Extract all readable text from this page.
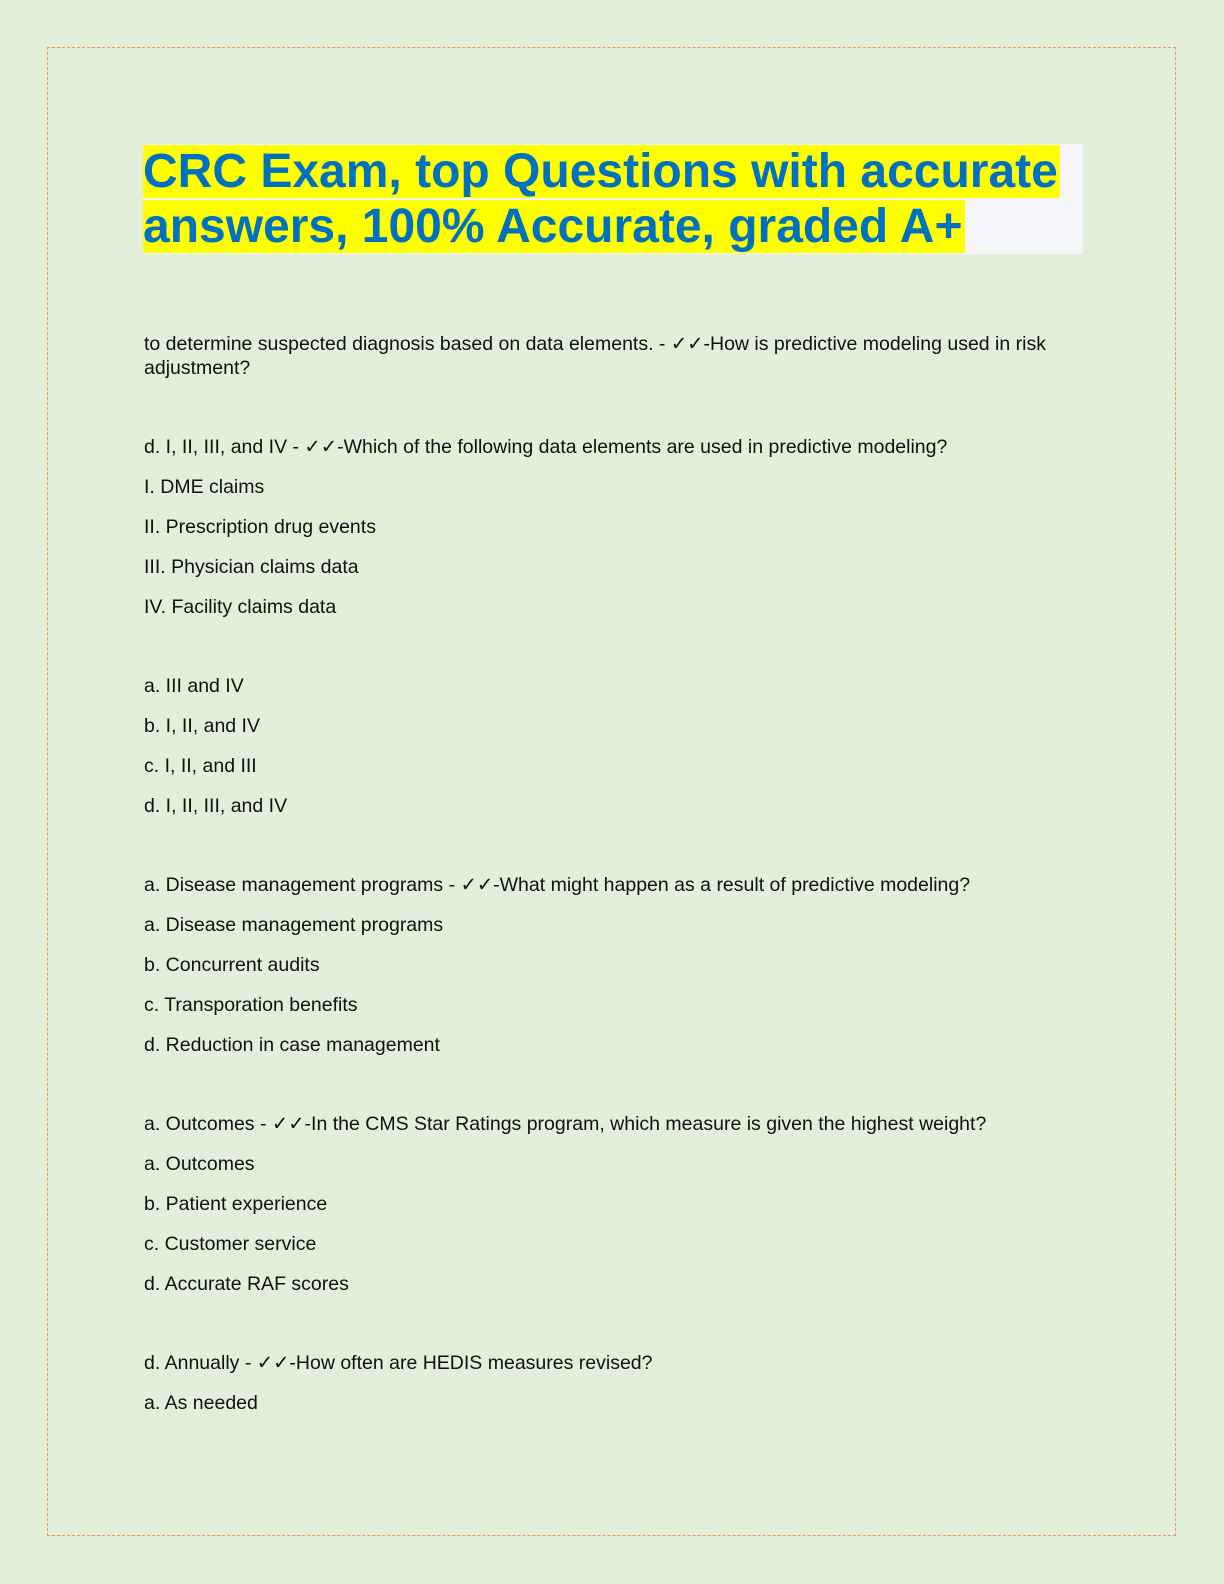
CRC Exam, top Questions with accurate
answers, 100% Accurate, graded A+
to determine suspected diagnosis based on data elements. - ✓✓-How is predictive modeling used in risk adjustment?
d. I, II, III, and IV - ✓✓-Which of the following data elements are used in predictive modeling?
I. DME claims
II. Prescription drug events
III. Physician claims data
IV. Facility claims data
a. III and IV
b. I, II, and IV
c. I, II, and III
d. I, II, III, and IV
a. Disease management programs - ✓✓-What might happen as a result of predictive modeling?
a. Disease management programs
b. Concurrent audits
c. Transporation benefits
d. Reduction in case management
a. Outcomes - ✓✓-In the CMS Star Ratings program, which measure is given the highest weight?
a. Outcomes
b. Patient experience
c. Customer service
d. Accurate RAF scores
d. Annually - ✓✓-How often are HEDIS measures revised?
a. As needed
